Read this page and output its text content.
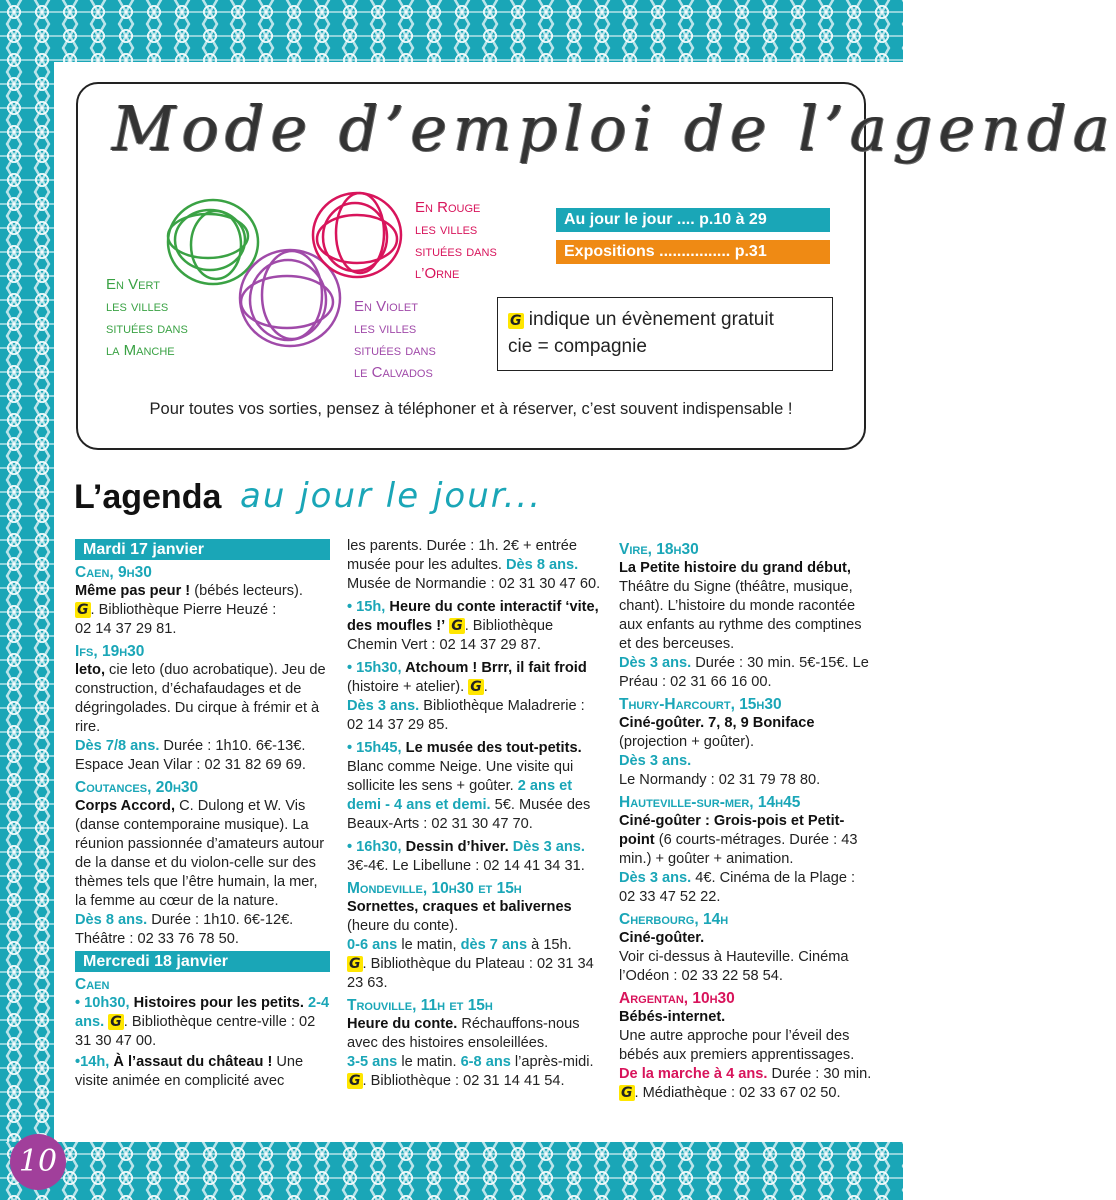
Mode d’emploi de l’agenda
En Vert
les villes
situées dans
la Manche
En Rouge
les villes
situées dans
l’Orne
En Violet
les villes
situées dans
le Calvados
Au jour le jour .... p.10 à 29
Expositions ................ p.31
G indique un évènement gratuit
cie = compagnie
Pour toutes vos sorties, pensez à téléphoner et à réserver, c’est souvent indispensable !
L’agenda au jour le jour...
Mardi 17 janvier
Caen, 9h30
Même pas peur ! (bébés lecteurs).
G . Bibliothèque Pierre Heuzé :
02 14 37 29 81.
Ifs, 19h30
leto, cie leto (duo acrobatique). Jeu de construction, d’échafaudages et de dégringolades. Du cirque à frémir et à rire.
Dès 7/8 ans. Durée : 1h10. 6€-13€. Espace Jean Vilar : 02 31 82 69 69.
Coutances, 20h30
Corps Accord, C. Dulong et W. Vis (danse contemporaine musique). La réunion passionnée d’amateurs autour de la danse et du violon-celle sur des thèmes tels que l’être humain, la mer, la femme au cœur de la nature.
Dès 8 ans. Durée : 1h10. 6€-12€. Théâtre : 02 33 76 78 50.
Mercredi 18 janvier
Caen
• 10h30, Histoires pour les petits. 2-4 ans. G . Bibliothèque centre-ville : 02 31 30 47 00.
•14h, À l’assaut du château ! Une visite animée en complicité avec
les parents. Durée : 1h. 2€ + entrée musée pour les adultes. Dès 8 ans. Musée de Normandie : 02 31 30 47 60.
• 15h, Heure du conte interactif ‘vite, des moufles !’ G . Bibliothèque Chemin Vert : 02 14 37 29 87.
• 15h30, Atchoum ! Brrr, il fait froid (histoire + atelier). G .
Dès 3 ans. Bibliothèque Maladrerie : 02 14 37 29 85.
• 15h45, Le musée des tout-petits. Blanc comme Neige. Une visite qui sollicite les sens + goûter. 2 ans et demi - 4 ans et demi. 5€. Musée des Beaux-Arts : 02 31 30 47 70.
• 16h30, Dessin d’hiver. Dès 3 ans.
3€-4€. Le Libellune : 02 14 41 34 31.
Mondeville, 10h30 et 15h
Sornettes, craques et balivernes (heure du conte).
0-6 ans le matin, dès 7 ans à 15h.
G . Bibliothèque du Plateau : 02 31 34 23 63.
Trouville, 11h et 15h
Heure du conte. Réchauffons-nous avec des histoires ensoleillées.
3-5 ans le matin. 6-8 ans l’après-midi.
G . Bibliothèque : 02 31 14 41 54.
Vire, 18h30
La Petite histoire du grand début, Théâtre du Signe (théâtre, musique, chant). L’histoire du monde racontée aux enfants au rythme des comptines et des berceuses.
Dès 3 ans. Durée : 30 min. 5€-15€. Le Préau : 02 31 66 16 00.
Thury-Harcourt, 15h30
Ciné-goûter. 7, 8, 9 Boniface (projection + goûter).
Dès 3 ans.
Le Normandy : 02 31 79 78 80.
Hauteville-sur-mer, 14h45
Ciné-goûter : Grois-pois et Petit-point (6 courts-métrages. Durée : 43 min.) + goûter + animation.
Dès 3 ans. 4€. Cinéma de la Plage : 02 33 47 52 22.
Cherbourg, 14h
Ciné-goûter.
Voir ci-dessus à Hauteville. Cinéma l’Odéon : 02 33 22 58 54.
Argentan, 10h30
Bébés-internet.
Une autre approche pour l’éveil des bébés aux premiers apprentissages.
De la marche à 4 ans. Durée : 30 min.
G . Médiathèque : 02 33 67 02 50.
10
